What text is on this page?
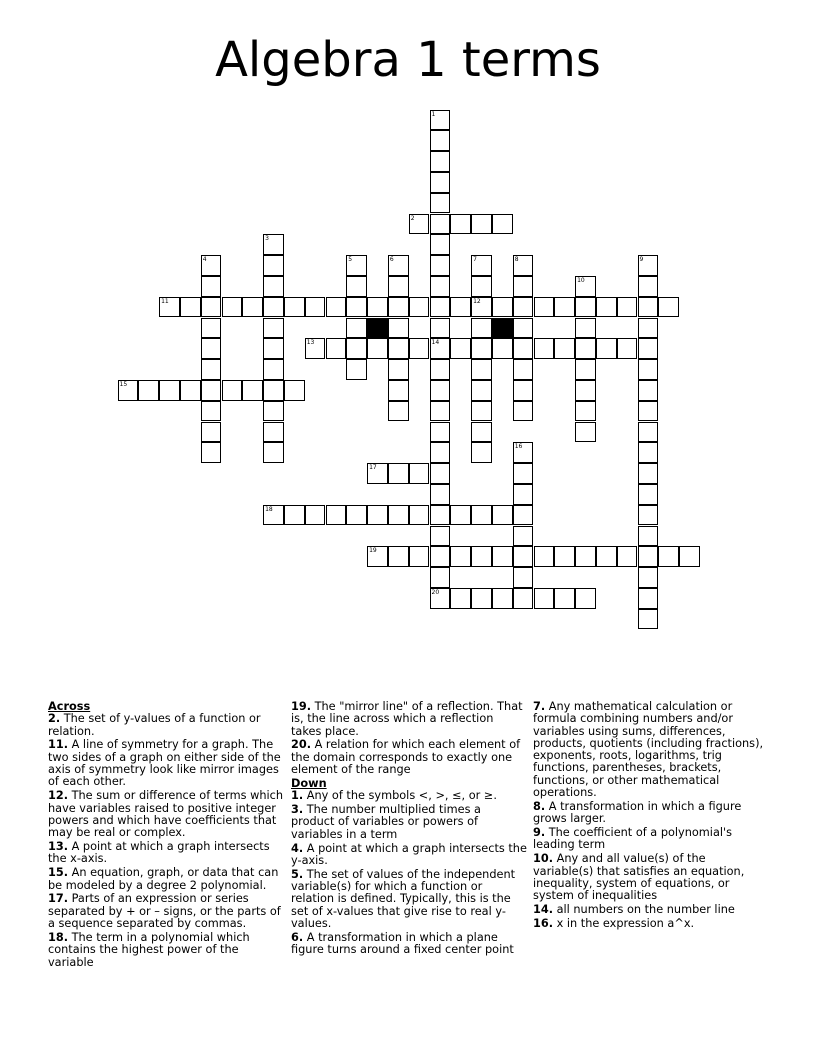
Algebra 1 terms
1
14
2
3
4	5	6	7
12
8	9
10
11
13
15
16
17
18
19
20
Across
2. The set of y-values of a function or relation.
11. A line of symmetry for a graph. The two sides of a graph on either side of the axis of symmetry look like mirror images of each other.
12. The sum or difference of terms which have variables raised to positive integer powers and which have coefficients that may be real or complex.
13. A point at which a graph intersects the x-axis.
15. An equation, graph, or data that can be modeled by a degree 2 polynomial.
17. Parts of an expression or series separated by + or – signs, or the parts of a sequence separated by commas.
18. The term in a polynomial which contains the highest power of the variable
19. The "mirror line" of a reflection. That is, the line across which a reflection takes place.
20. A relation for which each element of the domain corresponds to exactly one element of the range
Down
1. Any of the symbols <, >, ≤, or ≥.
3. The number multiplied times a product of variables or powers of variables in a term
4. A point at which a graph intersects the y-axis.
5. The set of values of the independent variable(s) for which a function or relation is defined. Typically, this is the set of x-values that give rise to real y-values.
6. A transformation in which a plane figure turns around a fixed center point
7. Any mathematical calculation or formula combining numbers and/or variables using sums, differences, products, quotients (including fractions), exponents, roots, logarithms, trig functions, parentheses, brackets, functions, or other mathematical operations.
8. A transformation in which a figure grows larger.
9. The coefficient of a polynomial's leading term
10. Any and all value(s) of the variable(s) that satisfies an equation, inequality, system of equations, or system of inequalities
14. all numbers on the number line
16. x in the expression a^x.
